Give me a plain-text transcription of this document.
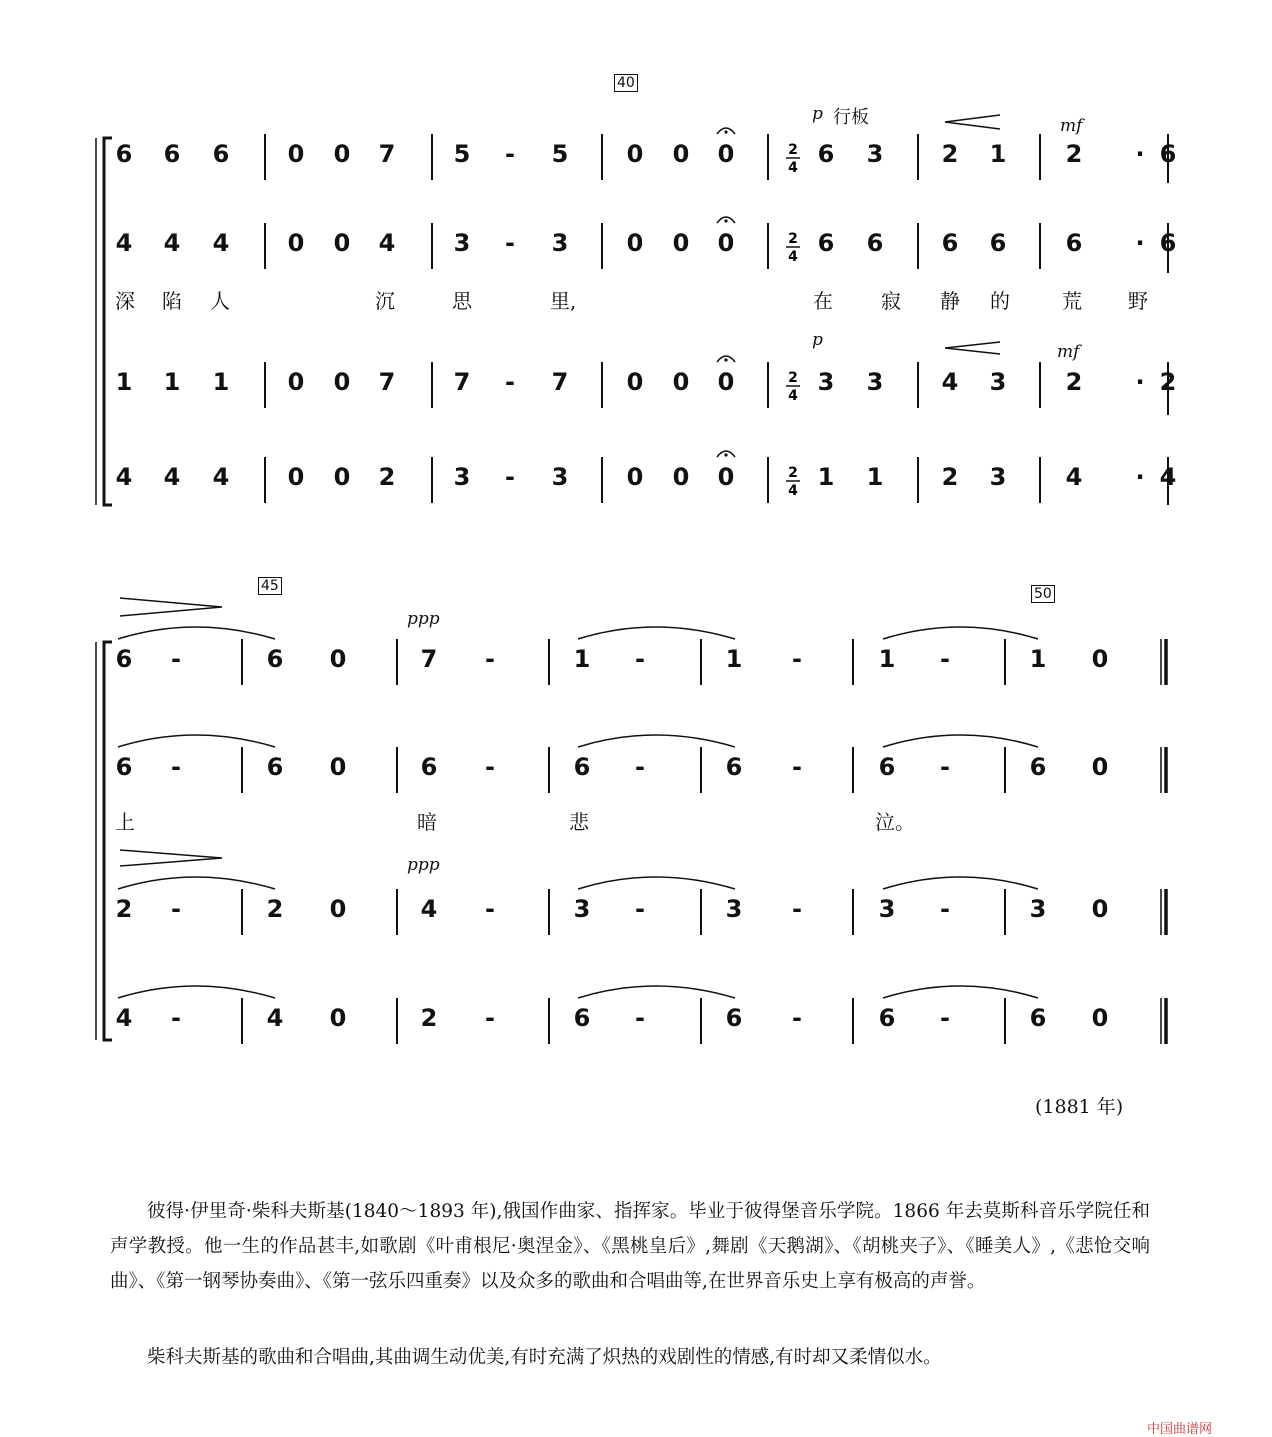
40
45	50
p 行板	mf
p
mf
ppp
ppp
6 6 6 0 0 7 5 - 5 0 0 0	6 3 2 1 2 · 6
4 4 4 0 0 4 3 - 3 0 0 0	6 6 6 6 6 · 6
1 1 1 0 0 7 7 - 7 0 0 0	3 3 4 3 2 · 2
4 4 4 0 0 2 3 - 3 0 0 0	1 1 2 3 4 · 4
2
4
2
4
2
4
2
4
6 -	6 0	7 -	1 -	1 -	1 -	1 0
6 -	6 0	6 -	6 -	6 -	6 -	6 0
2 -	2 0	4 -	3 -	3 -	3 -	3 0
4 -	4 0	2 -	6 -	6 -	6 -	6 0
深 陷 人	沉	思	里,	在 寂 静 的	荒 野
上	暗	悲	泣。
(1881 年)
彼得·伊里奇·柴科夫斯基(1840～1893 年),俄国作曲家、指挥家。毕业于彼得堡音乐学院。1866 年去莫斯科音乐学院任和声学教授。他一生的作品甚丰,如歌剧《叶甫根尼·奥涅金》、《黑桃皇后》,舞剧《天鹅湖》、《胡桃夹子》、《睡美人》,《悲怆交响曲》、《第一钢琴协奏曲》、《第一弦乐四重奏》以及众多的歌曲和合唱曲等,在世界音乐史上享有极高的声誉。
柴科夫斯基的歌曲和合唱曲,其曲调生动优美,有时充满了炽热的戏剧性的情感,有时却又柔情似水。
中国曲谱网
